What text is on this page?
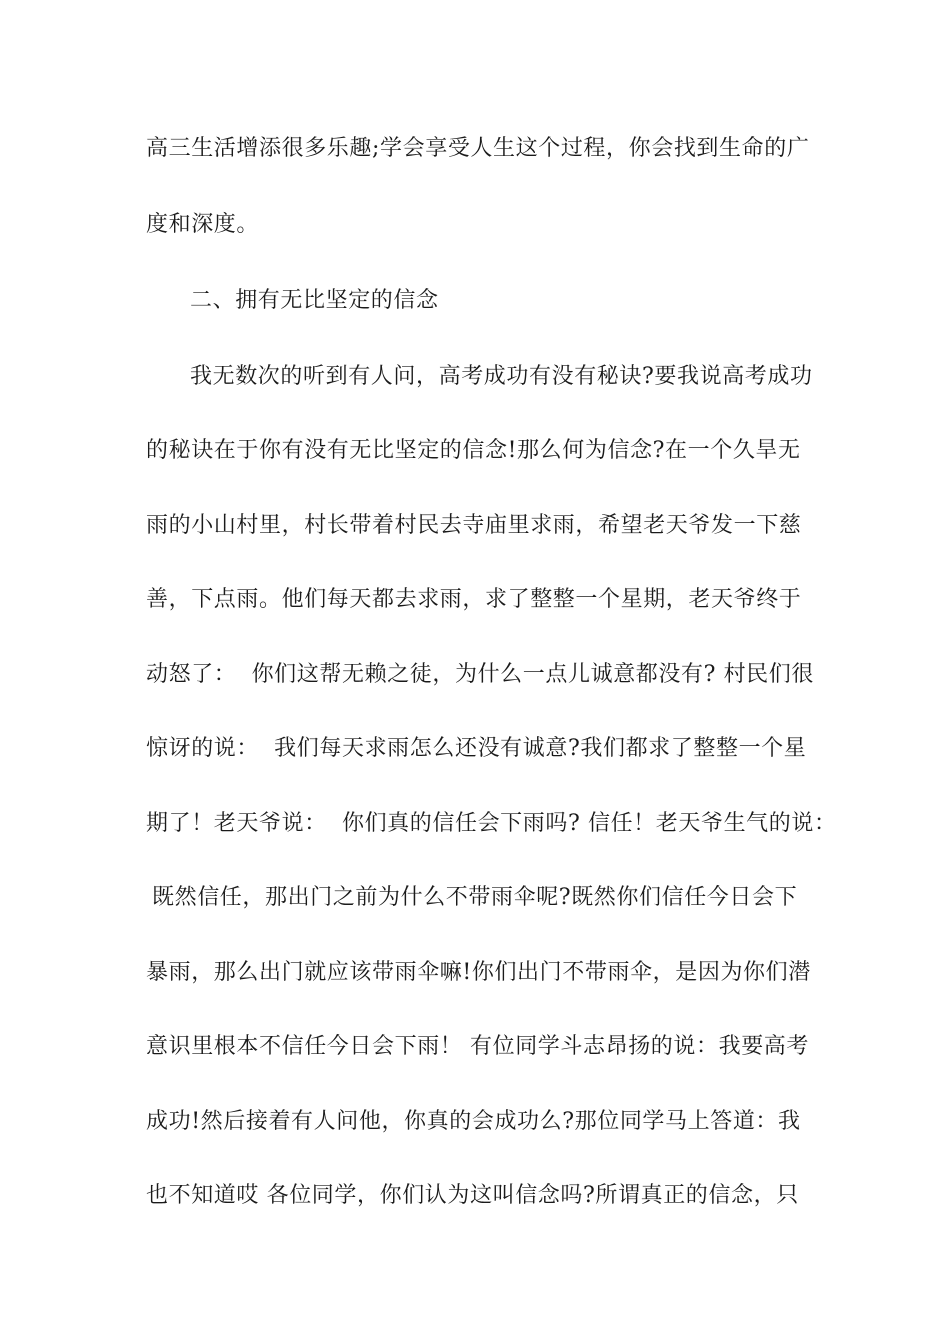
高三生活增添很多乐趣;学会享受人生这个过程，你会找到生命的广
度和深度。
二、拥有无比坚定的信念
我无数次的听到有人问，高考成功有没有秘诀?要我说高考成功
的秘诀在于你有没有无比坚定的信念!那么何为信念?在一个久旱无
雨的小山村里，村长带着村民去寺庙里求雨，希望老天爷发一下慈
善，下点雨。他们每天都去求雨，求了整整一个星期，老天爷终于
动怒了：  你们这帮无赖之徒，为什么一点儿诚意都没有? 村民们很
惊讶的说：  我们每天求雨怎么还没有诚意?我们都求了整整一个星
期了！老天爷说：  你们真的信任会下雨吗? 信任！老天爷生气的说：
既然信任，那出门之前为什么不带雨伞呢?既然你们信任今日会下
暴雨，那么出门就应该带雨伞嘛!你们出门不带雨伞，是因为你们潜
意识里根本不信任今日会下雨！ 有位同学斗志昂扬的说：我要高考
成功!然后接着有人问他，你真的会成功么?那位同学马上答道：我
也不知道哎 各位同学，你们认为这叫信念吗?所谓真正的信念，只
